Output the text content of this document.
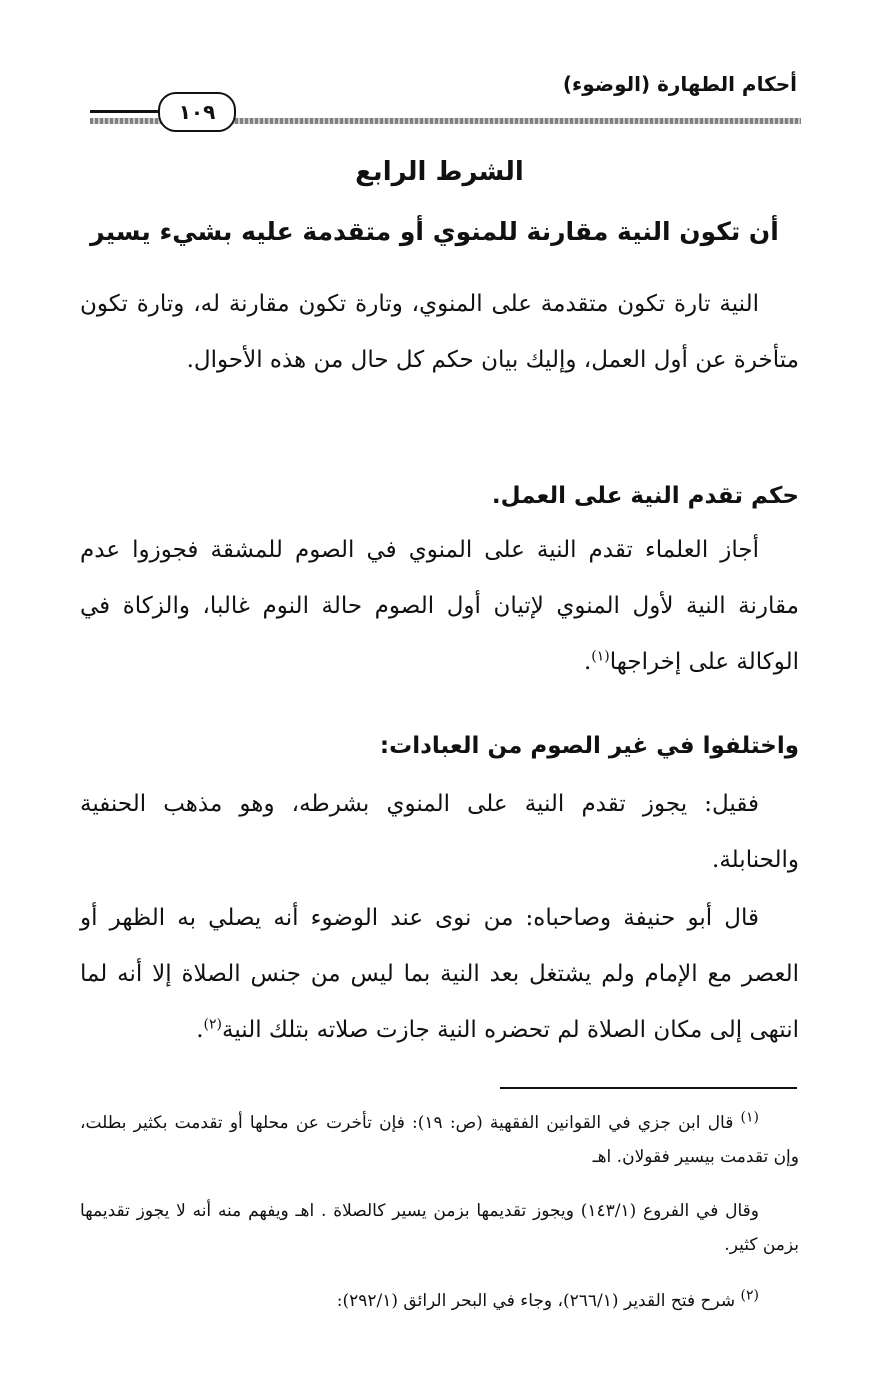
أحكام الطهارة (الوضوء)
١٠٩
الشرط الرابع
أن تكون النية مقارنة للمنوي أو متقدمة عليه بشيء يسير
النية تارة تكون متقدمة على المنوي، وتارة تكون مقارنة له، وتارة تكون متأخرة عن أول العمل، وإليك بيان حكم كل حال من هذه الأحوال.
حكم تقدم النية على العمل.
أجاز العلماء تقدم النية على المنوي في الصوم للمشقة فجوزوا عدم مقارنة النية لأول المنوي لإتيان أول الصوم حالة النوم غالبا، والزكاة في الوكالة على إخراجها$^{(١)}$.
واختلفوا في غير الصوم من العبادات:
فقيل: يجوز تقدم النية على المنوي بشرطه، وهو مذهب الحنفية والحنابلة.
قال أبو حنيفة وصاحباه: من نوى عند الوضوء أنه يصلي به الظهر أو العصر مع الإمام ولم يشتغل بعد النية بما ليس من جنس الصلاة إلا أنه لما انتهى إلى مكان الصلاة لم تحضره النية جازت صلاته بتلك النية$^{(٢)}$.
$^{(١)}$ قال ابن جزي في القوانين الفقهية (ص: ١٩): فإن تأخرت عن محلها أو تقدمت بكثير بطلت، وإن تقدمت بيسير فقولان. اهـ
وقال في الفروع (١٤٣/١) ويجوز تقديمها بزمن يسير كالصلاة . اهـ ويفهم منه أنه لا يجوز تقديمها بزمن كثير.
$^{(٢)}$ شرح فتح القدير (٢٦٦/١)، وجاء في البحر الرائق (٢٩٢/١):
